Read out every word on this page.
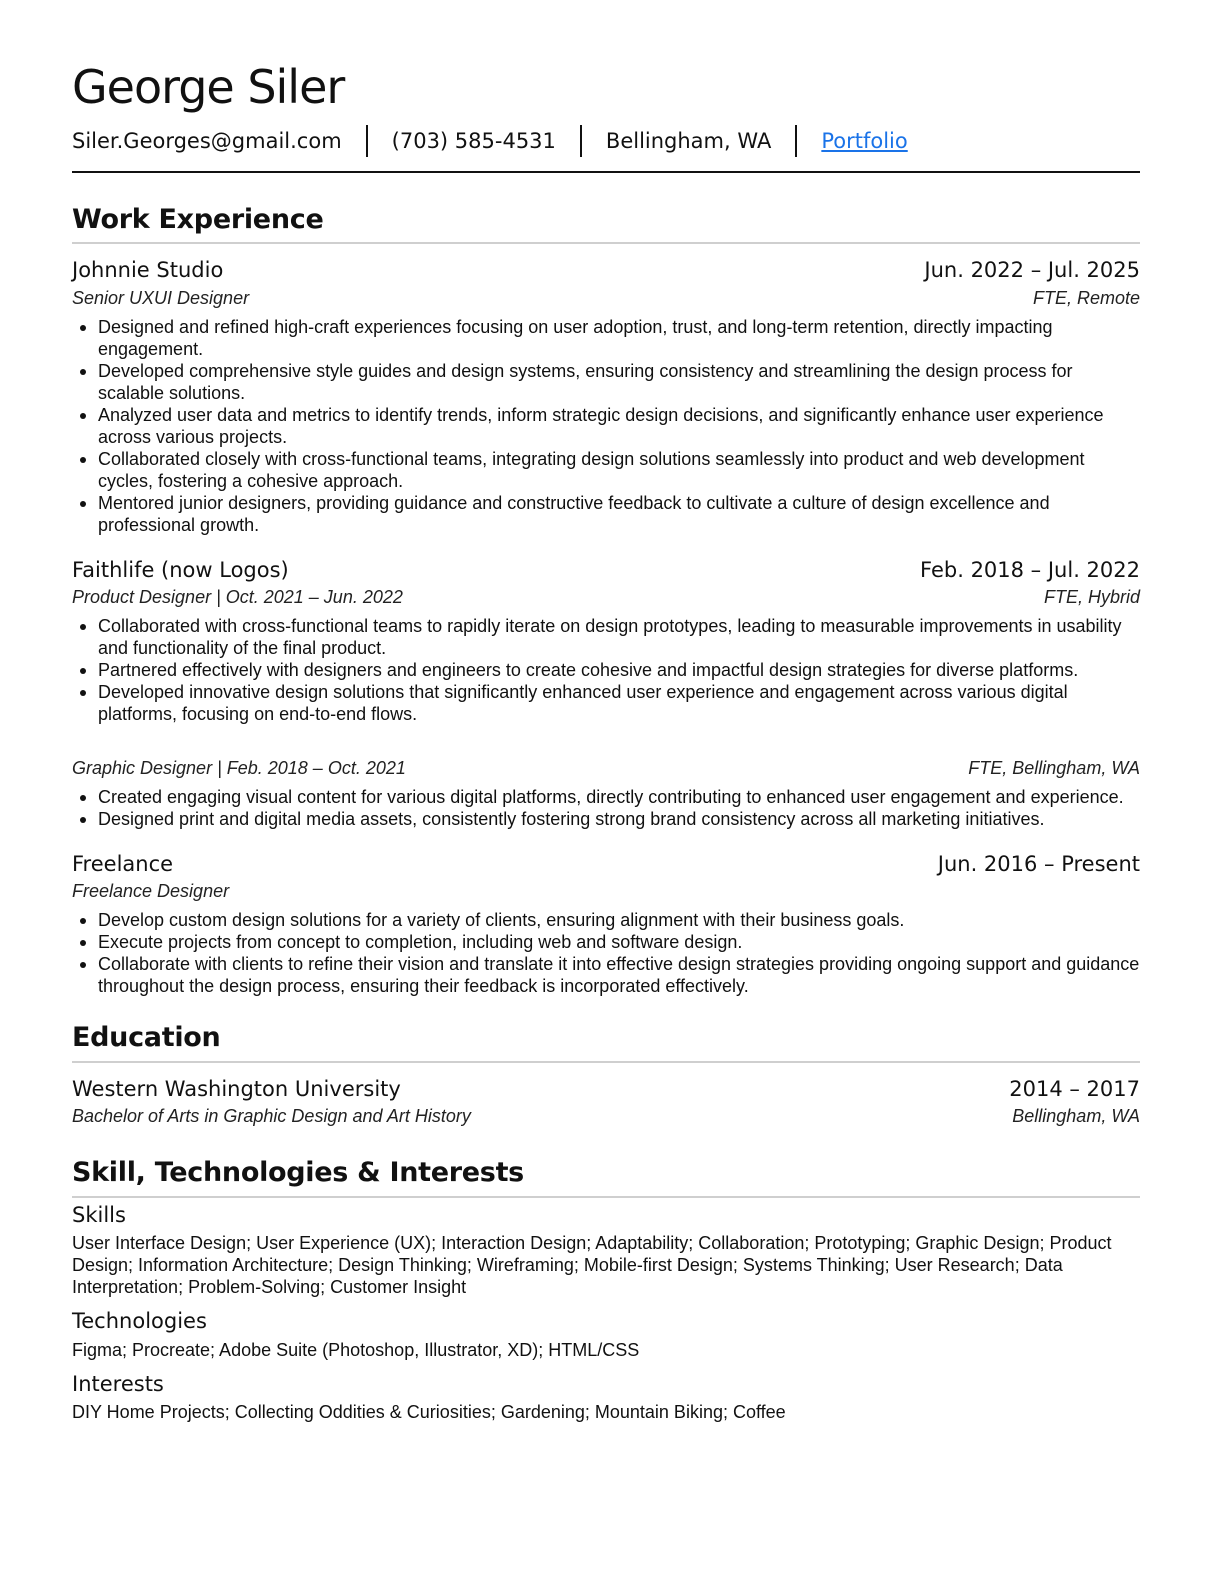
George Siler
Siler.Georges@gmail.com (703) 585-4531 Bellingham, WA Portfolio
Work Experience
Johnnie Studio	Jun. 2022 – Jul. 2025
Senior UXUI Designer	FTE, Remote
Designed and refined high-craft experiences focusing on user adoption, trust, and long-term retention, directly impacting engagement.
Developed comprehensive style guides and design systems, ensuring consistency and streamlining the design process for scalable solutions.
Analyzed user data and metrics to identify trends, inform strategic design decisions, and significantly enhance user experience across various projects.
Collaborated closely with cross-functional teams, integrating design solutions seamlessly into product and web development cycles, fostering a cohesive approach.
Mentored junior designers, providing guidance and constructive feedback to cultivate a culture of design excellence and professional growth.
Faithlife (now Logos)	Feb. 2018 – Jul. 2022
Product Designer | Oct. 2021 – Jun. 2022	FTE, Hybrid
Collaborated with cross-functional teams to rapidly iterate on design prototypes, leading to measurable improvements in usability and functionality of the final product.
Partnered effectively with designers and engineers to create cohesive and impactful design strategies for diverse platforms.
Developed innovative design solutions that significantly enhanced user experience and engagement across various digital platforms, focusing on end-to-end flows.
Graphic Designer | Feb. 2018 – Oct. 2021	FTE, Bellingham, WA
Created engaging visual content for various digital platforms, directly contributing to enhanced user engagement and experience.
Designed print and digital media assets, consistently fostering strong brand consistency across all marketing initiatives.
Freelance	Jun. 2016 – Present
Freelance Designer
Develop custom design solutions for a variety of clients, ensuring alignment with their business goals.
Execute projects from concept to completion, including web and software design.
Collaborate with clients to refine their vision and translate it into effective design strategies providing ongoing support and guidance throughout the design process, ensuring their feedback is incorporated effectively.
Education
Western Washington University	2014 – 2017
Bachelor of Arts in Graphic Design and Art History	Bellingham, WA
Skill, Technologies & Interests
Skills
User Interface Design; User Experience (UX); Interaction Design; Adaptability; Collaboration; Prototyping; Graphic Design; Product Design; Information Architecture; Design Thinking; Wireframing; Mobile-first Design; Systems Thinking; User Research; Data Interpretation; Problem-Solving; Customer Insight
Technologies
Figma; Procreate; Adobe Suite (Photoshop, Illustrator, XD); HTML/CSS
Interests
DIY Home Projects; Collecting Oddities & Curiosities; Gardening; Mountain Biking; Coffee
